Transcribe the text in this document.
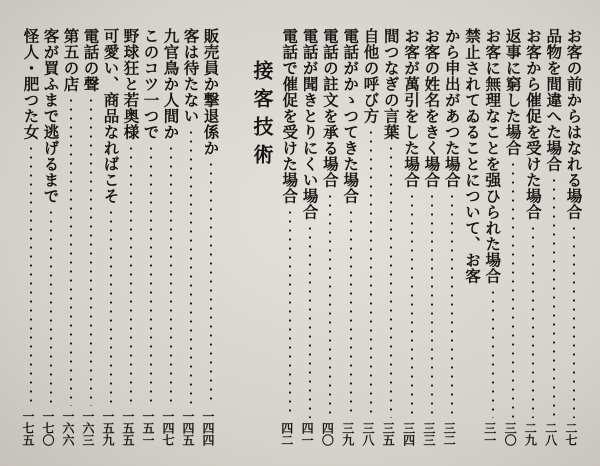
接客技術	お客の前からはなれる場合
二七
品物を間違へた場合
二八
お客から催促を受けた場合
二九
返事に窮した場合
三〇
お客に無理なことを强ひられた場合
三一
禁止されてゐることについて、お客
から申出があつた場合
三二
お客の姓名をきく場合
三三
お客が萬引をした場合
三四
間つなぎの言葉
三五
自他の呼び方
三八
電話がかゝつてきた場合
三九
電話の註文を承る場合
四〇
電話が聞きとりにくい場合
四一
電話で催促を受けた場合
四二
販売員か撃退係か
一四四
客は待たない
一四五
九官鳥か人間か
一四七
このコツ一つで
一五一
野球狂と若奥様
一五五
可愛い、商品なればこそ
一五九
電話の聲
一六三
第五の店
一六六
客が買ふまで逃げるまで
一七〇
怪人・肥つた女
一七五
